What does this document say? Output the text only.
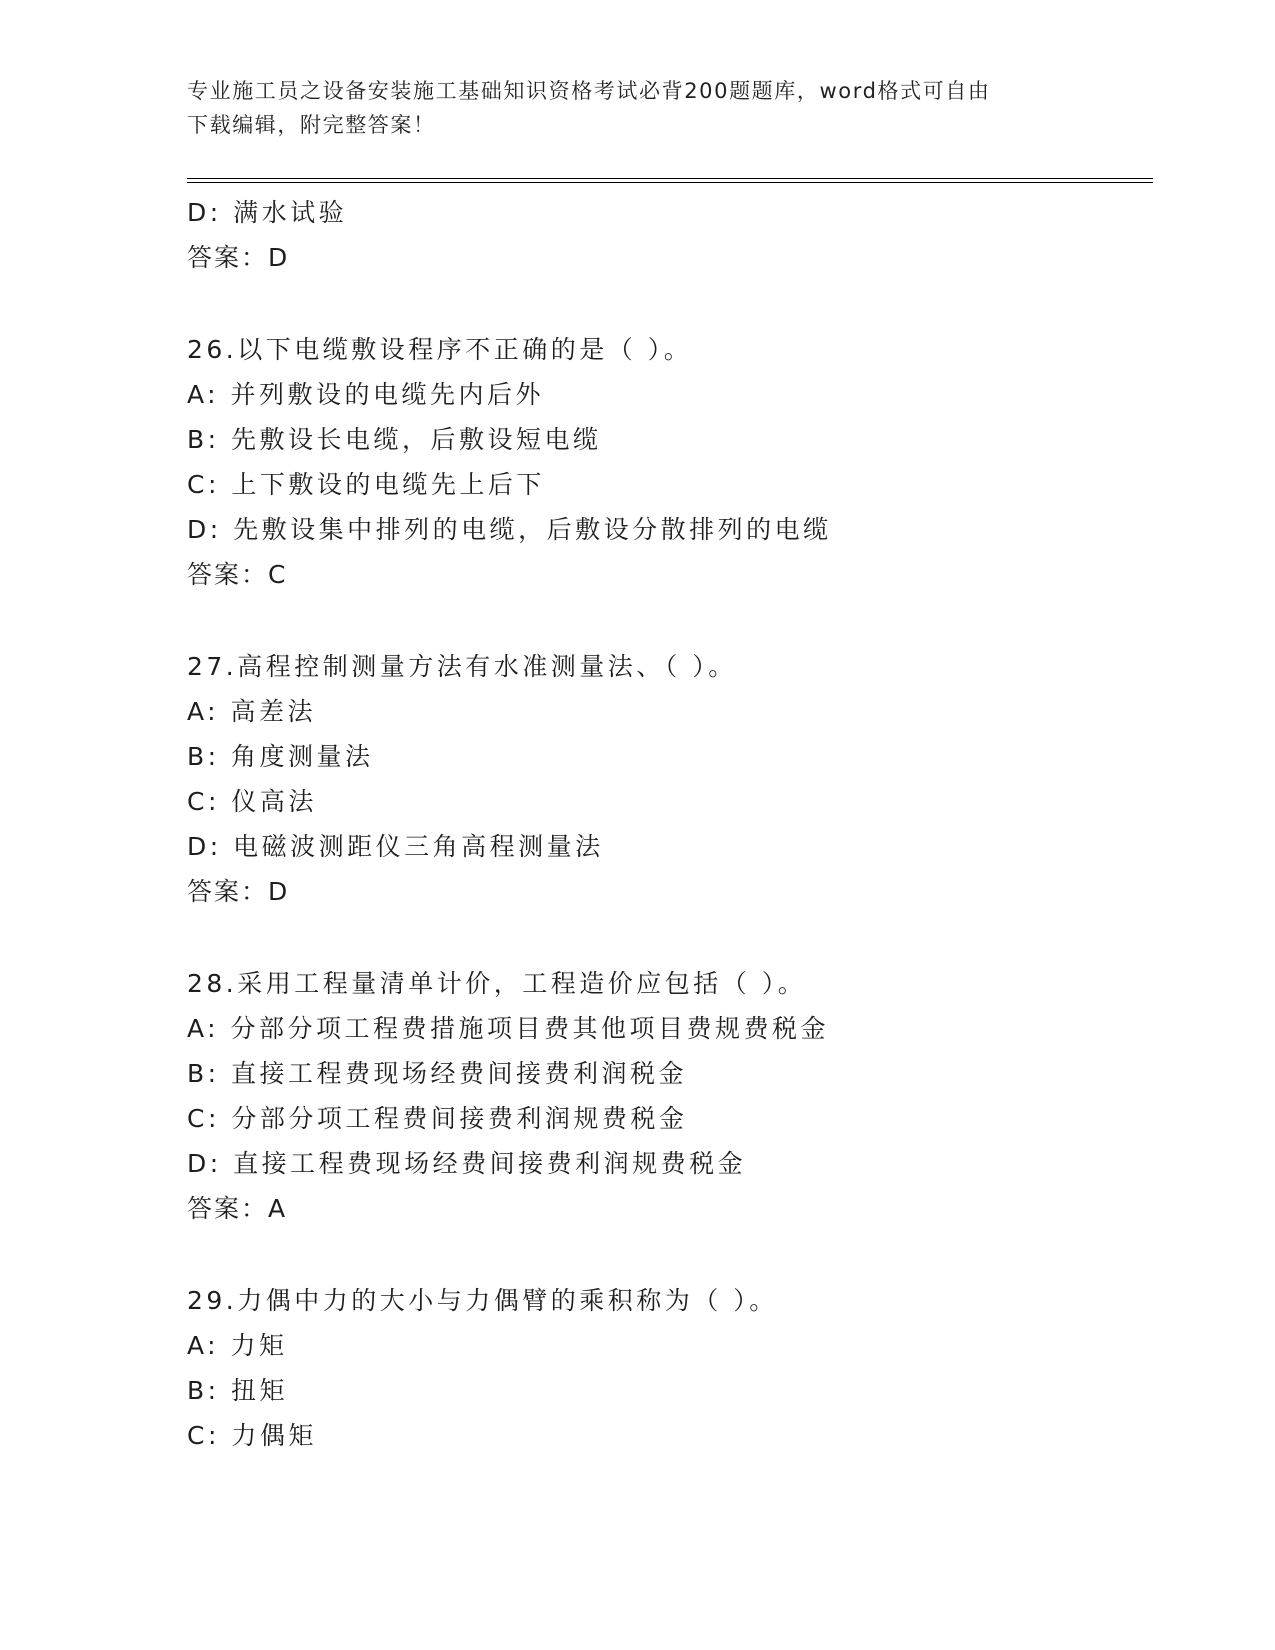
专业施工员之设备安装施工基础知识资格考试必背200题题库，word格式可自由
下载编辑，附完整答案！
D: 满水试验
答案：D
26.以下电缆敷设程序不正确的是（ ）。
A: 并列敷设的电缆先内后外
B: 先敷设长电缆，后敷设短电缆
C: 上下敷设的电缆先上后下
D: 先敷设集中排列的电缆，后敷设分散排列的电缆
答案：C
27.高程控制测量方法有水准测量法、（ ）。
A: 高差法
B: 角度测量法
C: 仪高法
D: 电磁波测距仪三角高程测量法
答案：D
28.采用工程量清单计价，工程造价应包括（ ）。
A: 分部分项工程费措施项目费其他项目费规费税金
B: 直接工程费现场经费间接费利润税金
C: 分部分项工程费间接费利润规费税金
D: 直接工程费现场经费间接费利润规费税金
答案：A
29.力偶中力的大小与力偶臂的乘积称为（ ）。
A: 力矩
B: 扭矩
C: 力偶矩
